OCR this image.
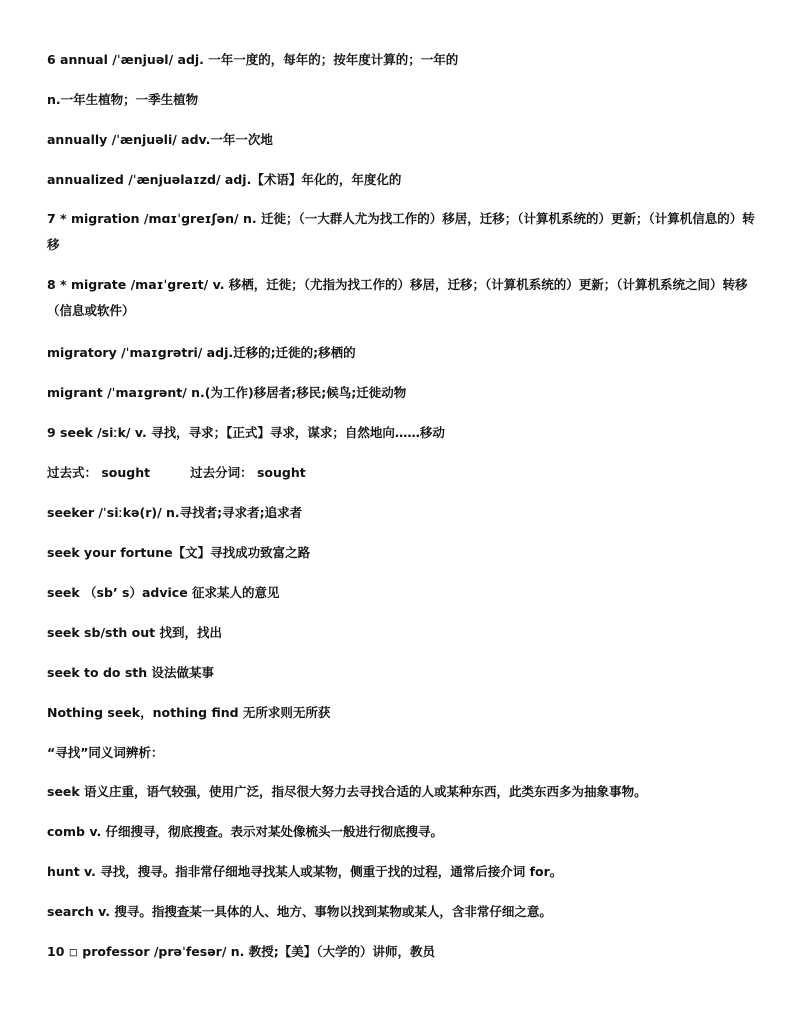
6 annual /ˈænjuəl/ adj. 一年一度的，每年的；按年度计算的；一年的
n.一年生植物；一季生植物
annually /ˈænjuəli/ adv.一年一次地
annualized /ˈænjuəlaɪzd/ adj.【术语】年化的，年度化的
7 * migration /mɑɪˈgreɪʃən/ n. 迁徙；（一大群人尤为找工作的）移居，迁移；（计算机系统的）更新；（计算机信息的）转移
8 * migrate /maɪˈgreɪt/ v. 移栖，迁徙；（尤指为找工作的）移居，迁移；（计算机系统的）更新；（计算机系统之间）转移（信息或软件）
migratory /ˈmaɪgrətri/ adj.迁移的;迁徙的;移栖的
migrant /ˈmaɪgrənt/ n.(为工作)移居者;移民;候鸟;迁徙动物
9 seek /siːk/ v. 寻找，寻求；【正式】寻求，谋求；自然地向……移动
过去式： sought	过去分词： sought
seeker /ˈsiːkə(r)/ n.寻找者;寻求者;追求者
seek your fortune【文】寻找成功致富之路
seek （sb’ s）advice 征求某人的意见
seek sb/sth out 找到，找出
seek to do sth 设法做某事
Nothing seek，nothing find 无所求则无所获
“寻找”同义词辨析：
seek 语义庄重，语气较强，使用广泛，指尽很大努力去寻找合适的人或某种东西，此类东西多为抽象事物。
comb v. 仔细搜寻，彻底搜查。表示对某处像梳头一般进行彻底搜寻。
hunt v. 寻找，搜寻。指非常仔细地寻找某人或某物，侧重于找的过程，通常后接介词 for。
search v. 搜寻。指搜查某一具体的人、地方、事物以找到某物或某人，含非常仔细之意。
10 ◽ professor /prəˈfesər/ n. 教授;【美】（大学的）讲师，教员
